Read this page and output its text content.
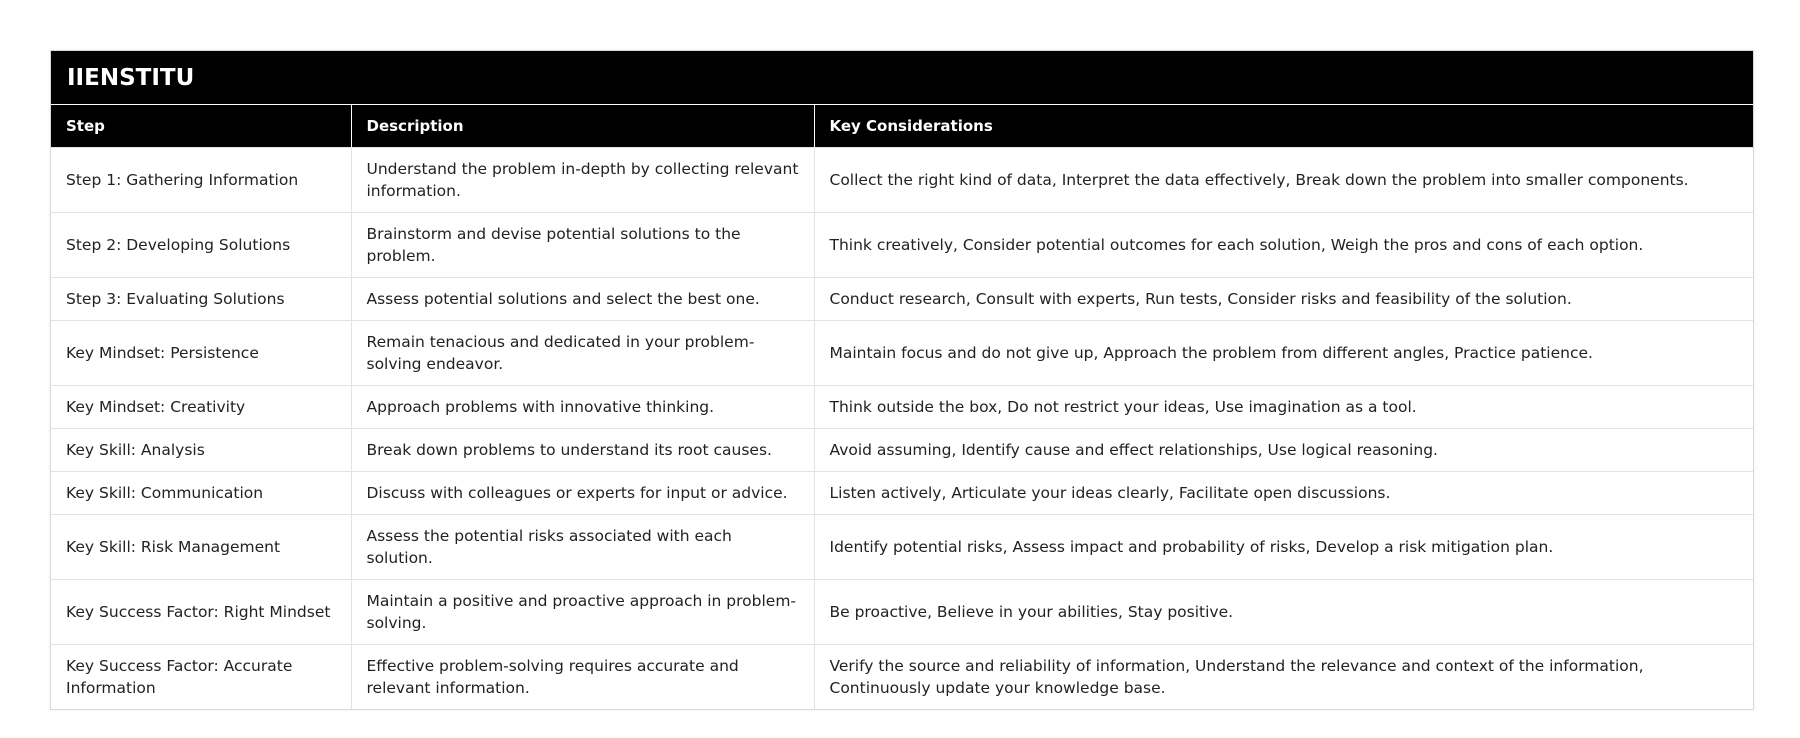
IIENSTITU
Step	Description	Key Considerations
Step 1: Gathering Information	Understand the problem in-depth by collecting relevant information.	Collect the right kind of data, Interpret the data effectively, Break down the problem into smaller components.
Step 2: Developing Solutions	Brainstorm and devise potential solutions to the problem.	Think creatively, Consider potential outcomes for each solution, Weigh the pros and cons of each option.
Step 3: Evaluating Solutions	Assess potential solutions and select the best one.	Conduct research, Consult with experts, Run tests, Consider risks and feasibility of the solution.
Key Mindset: Persistence	Remain tenacious and dedicated in your problem-solving endeavor.	Maintain focus and do not give up, Approach the problem from different angles, Practice patience.
Key Mindset: Creativity	Approach problems with innovative thinking.	Think outside the box, Do not restrict your ideas, Use imagination as a tool.
Key Skill: Analysis	Break down problems to understand its root causes.	Avoid assuming, Identify cause and effect relationships, Use logical reasoning.
Key Skill: Communication	Discuss with colleagues or experts for input or advice.	Listen actively, Articulate your ideas clearly, Facilitate open discussions.
Key Skill: Risk Management	Assess the potential risks associated with each solution.	Identify potential risks, Assess impact and probability of risks, Develop a risk mitigation plan.
Key Success Factor: Right Mindset	Maintain a positive and proactive approach in problem-solving.	Be proactive, Believe in your abilities, Stay positive.
Key Success Factor: Accurate Information	Effective problem-solving requires accurate and relevant information.	Verify the source and reliability of information, Understand the relevance and context of the information, Continuously update your knowledge base.
